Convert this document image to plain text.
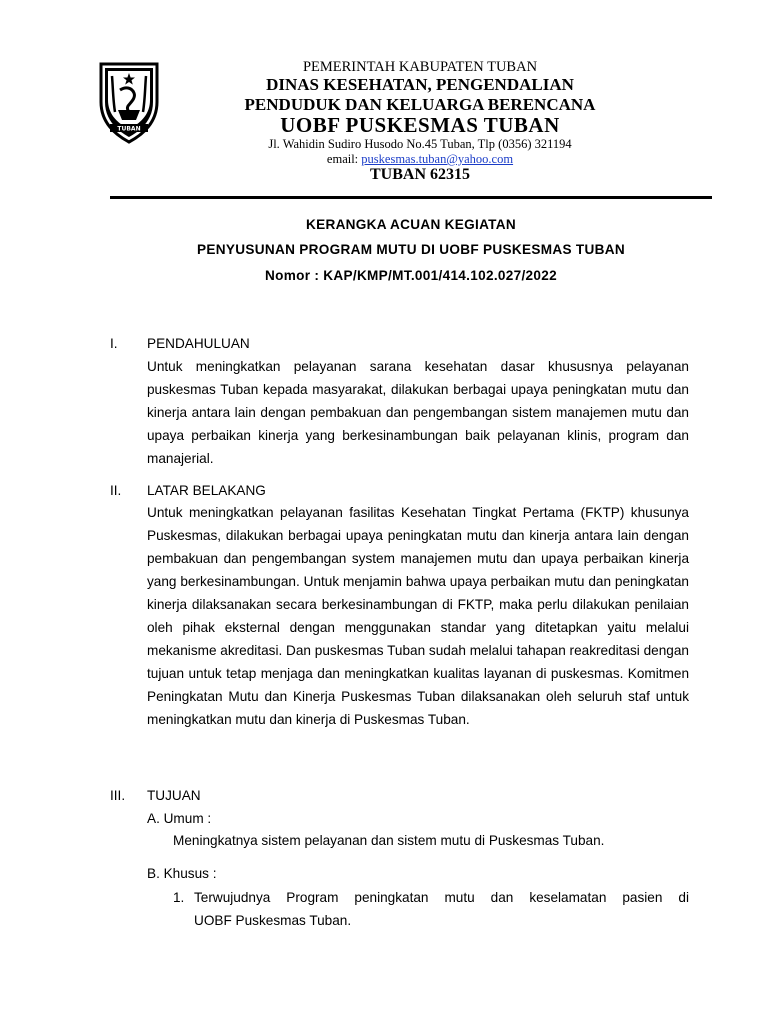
TUBAN
PEMERINTAH KABUPATEN TUBAN
DINAS KESEHATAN, PENGENDALIAN
PENDUDUK DAN KELUARGA BERENCANA
UOBF PUSKESMAS TUBAN
Jl. Wahidin Sudiro Husodo No.45 Tuban, Tlp (0356) 321194
email: puskesmas.tuban@yahoo.com
TUBAN 62315
KERANGKA ACUAN KEGIATAN
PENYUSUNAN PROGRAM MUTU DI UOBF PUSKESMAS TUBAN
Nomor : KAP/KMP/MT.001/414.102.027/2022
I. PENDAHULUAN
Untuk meningkatkan pelayanan sarana kesehatan dasar khususnya pelayanan puskesmas Tuban kepada masyarakat, dilakukan berbagai upaya peningkatan mutu dan kinerja antara lain dengan pembakuan dan pengembangan sistem manajemen mutu dan upaya perbaikan kinerja yang berkesinambungan baik pelayanan klinis, program dan manajerial.
II. LATAR BELAKANG
Untuk meningkatkan pelayanan fasilitas Kesehatan Tingkat Pertama (FKTP) khusunya Puskesmas, dilakukan berbagai upaya peningkatan mutu dan kinerja antara lain dengan pembakuan dan pengembangan system manajemen mutu dan upaya perbaikan kinerja yang berkesinambungan. Untuk menjamin bahwa upaya perbaikan mutu dan peningkatan kinerja dilaksanakan secara berkesinambungan di FKTP, maka perlu dilakukan penilaian oleh pihak eksternal dengan menggunakan standar yang ditetapkan yaitu melalui mekanisme akreditasi. Dan puskesmas Tuban sudah melalui tahapan reakreditasi dengan tujuan untuk tetap menjaga dan meningkatkan kualitas layanan di puskesmas. Komitmen Peningkatan Mutu dan Kinerja Puskesmas Tuban dilaksanakan oleh seluruh staf untuk meningkatkan mutu dan kinerja di Puskesmas Tuban.
III. TUJUAN
A. Umum :
Meningkatnya sistem pelayanan dan sistem mutu di Puskesmas Tuban.
B. Khusus :
1. Terwujudnya Program peningkatan mutu dan keselamatan pasien di
UOBF Puskesmas Tuban.
